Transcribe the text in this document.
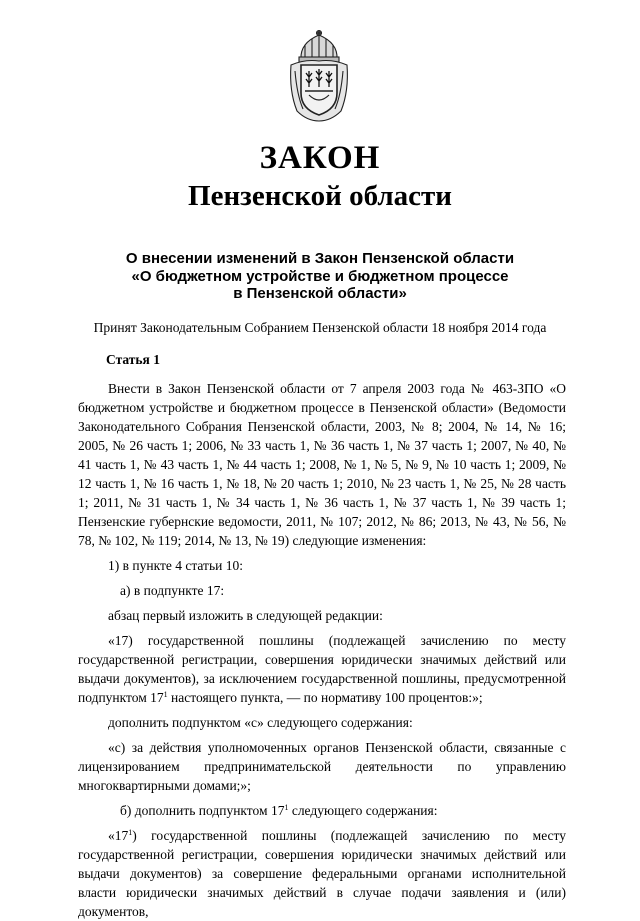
ЗАКОН
Пензенской области
О внесении изменений в Закон Пензенской области
«О бюджетном устройстве и бюджетном процессе
в Пензенской области»

Принят Законодательным Собранием Пензенской области 18 ноября 2014 года

Статья 1

Внести в Закон Пензенской области от 7 апреля 2003 года № 463-ЗПО «О бюджетном устройстве и бюджетном процессе в Пензенской области» (Ведомости Законодательного Собрания Пензенской области, 2003, № 8; 2004, № 14, № 16; 2005, № 26 часть 1; 2006, № 33 часть 1, № 36 часть 1, № 37 часть 1; 2007, № 40, № 41 часть 1, № 43 часть 1, № 44 часть 1; 2008, № 1, № 5, № 9, № 10 часть 1; 2009, № 12 часть 1, № 16 часть 1, № 18, № 20 часть 1; 2010, № 23 часть 1, № 25, № 28 часть 1; 2011, № 31 часть 1, № 34 часть 1, № 36 часть 1, № 37 часть 1, № 39 часть 1; Пензенские губернские ведомости, 2011, № 107; 2012, № 86; 2013, № 43, № 56, № 78, № 102, № 119; 2014, № 13, № 19) следующие изменения:

1) в пункте 4 статьи 10:

а) в подпункте 17:

абзац первый изложить в следующей редакции:

«17) государственной пошлины (подлежащей зачислению по месту государственной регистрации, совершения юридически значимых действий или выдачи документов), за исключением государственной пошлины, предусмотренной подпунктом $17^1$ настоящего пункта, — по нормативу 100 процентов:»;

дополнить подпунктом «с» следующего содержания:

«с) за действия уполномоченных органов Пензенской области, связанные с лицензированием предпринимательской деятельности по управлению многоквартирными домами;»;

б) дополнить подпунктом $17^1$ следующего содержания:

«$17^1$) государственной пошлины (подлежащей зачислению по месту государственной регистрации, совершения юридически значимых действий или выдачи документов) за совершение федеральными органами исполнительной власти юридически значимых действий в случае подачи заявления и (или) документов,
